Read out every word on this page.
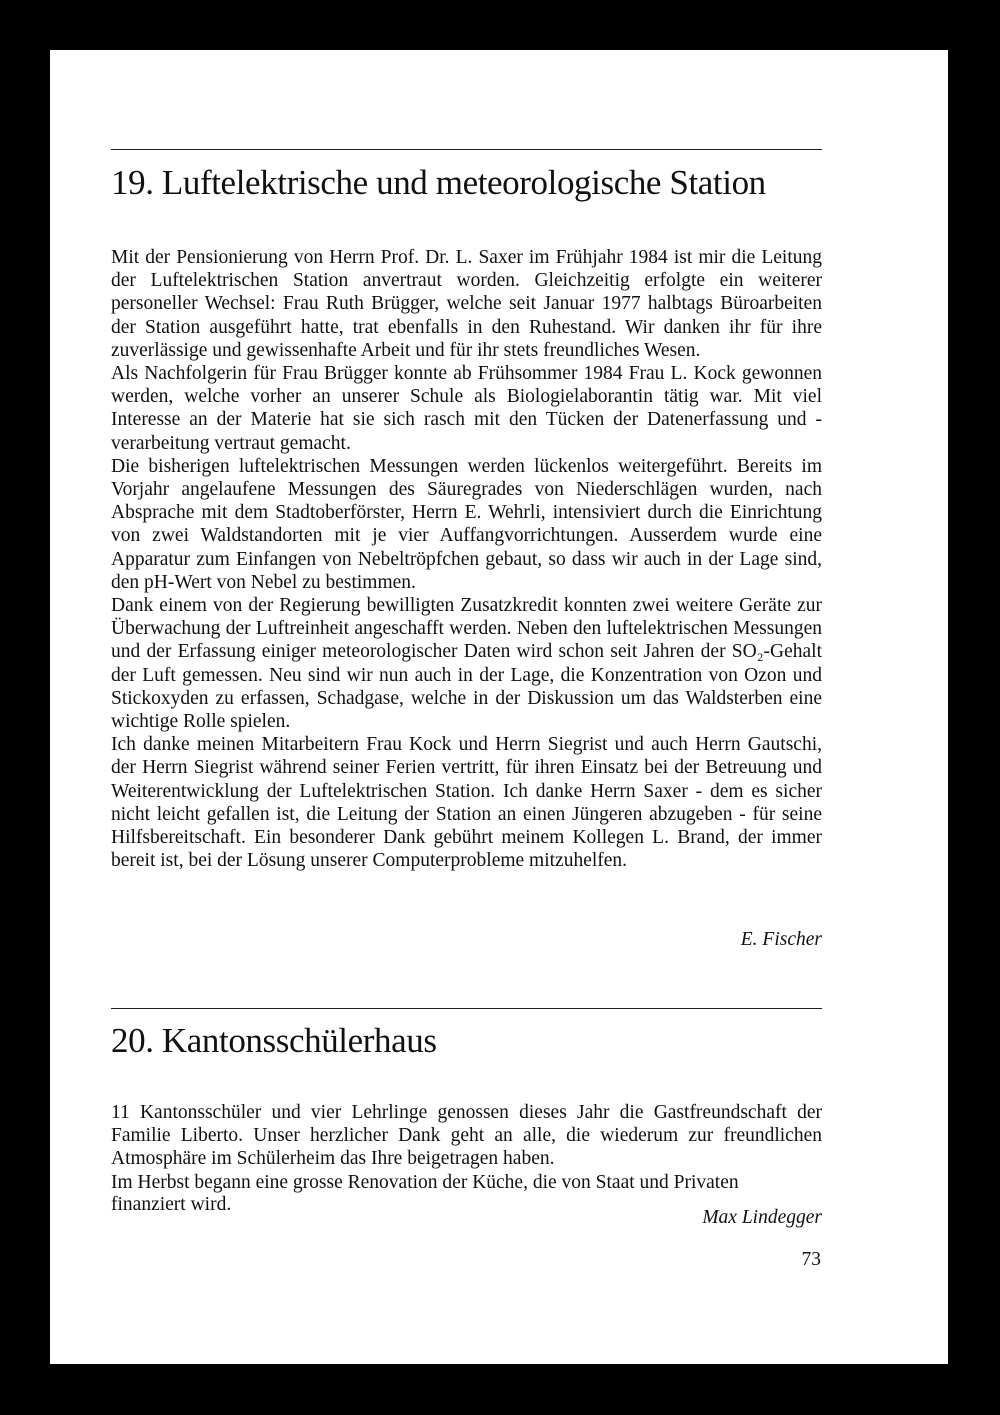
19. Luftelektrische und meteorologische Station

Mit der Pensionierung von Herrn Prof. Dr. L. Saxer im Frühjahr 1984 ist mir die Leitung der Luftelektrischen Station anvertraut worden. Gleichzeitig erfolgte ein weiterer personeller Wechsel: Frau Ruth Brügger, welche seit Januar 1977 halbtags Büroarbeiten der Station ausgeführt hatte, trat ebenfalls in den Ruhestand. Wir danken ihr für ihre zuverlässige und gewissenhafte Arbeit und für ihr stets freundliches Wesen.

Als Nachfolgerin für Frau Brügger konnte ab Frühsommer 1984 Frau L. Kock gewonnen werden, welche vorher an unserer Schule als Biologielaborantin tätig war. Mit viel Interesse an der Materie hat sie sich rasch mit den Tücken der Datenerfassung und -verarbeitung vertraut gemacht.

Die bisherigen luftelektrischen Messungen werden lückenlos weitergeführt. Bereits im Vorjahr angelaufene Messungen des Säuregrades von Niederschlägen wurden, nach Absprache mit dem Stadtoberförster, Herrn E. Wehrli, intensiviert durch die Einrichtung von zwei Waldstandorten mit je vier Auffangvorrichtungen. Ausserdem wurde eine Apparatur zum Einfangen von Nebeltröpfchen gebaut, so dass wir auch in der Lage sind, den pH-Wert von Nebel zu bestimmen.

Dank einem von der Regierung bewilligten Zusatzkredit konnten zwei weitere Geräte zur Überwachung der Luftreinheit angeschafft werden. Neben den luftelektrischen Messungen und der Erfassung einiger meteorologischer Daten wird schon seit Jahren der SO₂-Gehalt der Luft gemessen. Neu sind wir nun auch in der Lage, die Konzentration von Ozon und Stickoxyden zu erfassen, Schadgase, welche in der Diskussion um das Waldsterben eine wichtige Rolle spielen.

Ich danke meinen Mitarbeitern Frau Kock und Herrn Siegrist und auch Herrn Gautschi, der Herrn Siegrist während seiner Ferien vertritt, für ihren Einsatz bei der Betreuung und Weiterentwicklung der Luftelektrischen Station. Ich danke Herrn Saxer - dem es sicher nicht leicht gefallen ist, die Leitung der Station an einen Jüngeren abzugeben - für seine Hilfsbereitschaft. Ein besonderer Dank gebührt meinem Kollegen L. Brand, der immer bereit ist, bei der Lösung unserer Computerprobleme mitzuhelfen.

E. Fischer
20. Kantonsschülerhaus

11 Kantonsschüler und vier Lehrlinge genossen dieses Jahr die Gastfreundschaft der Familie Liberto. Unser herzlicher Dank geht an alle, die wiederum zur freundlichen Atmosphäre im Schülerheim das Ihre beigetragen haben.

Im Herbst begann eine grosse Renovation der Küche, die von Staat und Privaten

finanziert wird.
Max Lindegger
73
